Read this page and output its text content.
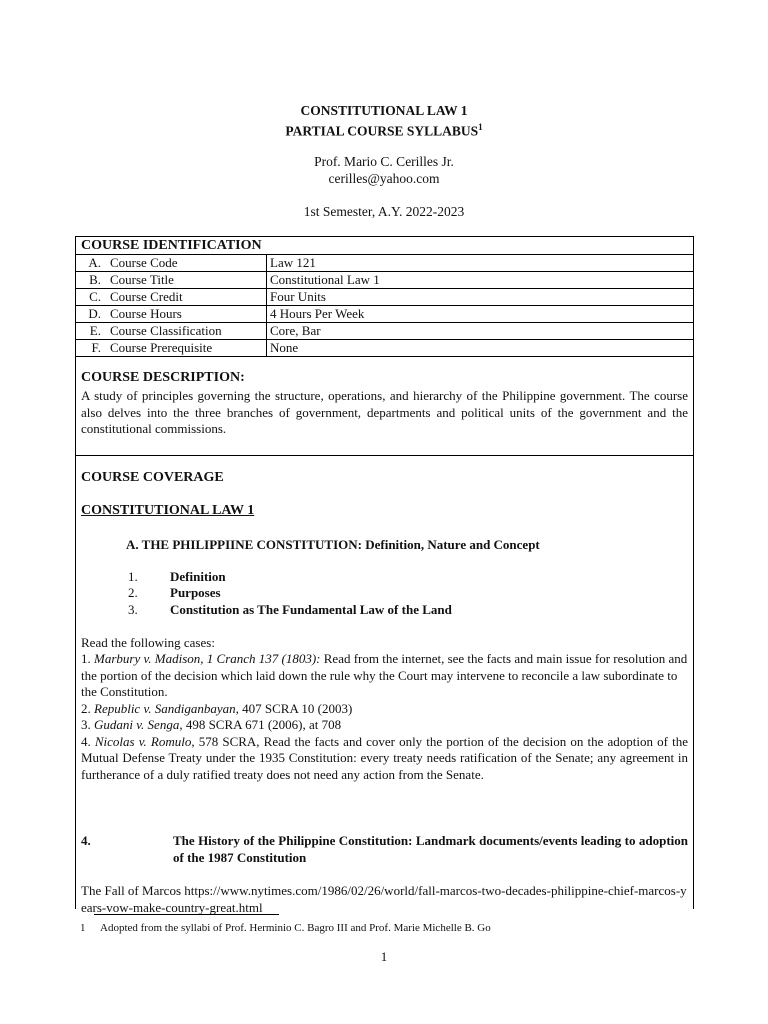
CONSTITUTIONAL LAW 1
PARTIAL COURSE SYLLABUS$^1$
Prof. Mario C. Cerilles Jr.
cerilles@yahoo.com
1st Semester, A.Y. 2022-2023
COURSE IDENTIFICATION
A. Course Code	Law 121
B. Course Title	Constitutional Law 1
C. Course Credit	Four Units
D. Course Hours	4 Hours Per Week
E. Course Classification	Core, Bar
F. Course Prerequisite	None
COURSE DESCRIPTION:
A study of principles governing the structure, operations, and hierarchy of the Philippine government. The course also delves into the three branches of government, departments and political units of the government and the constitutional commissions.
COURSE COVERAGE
CONSTITUTIONAL LAW 1
A. THE PHILIPPIINE CONSTITUTION: Definition, Nature and Concept
1. Definition
2. Purposes
3. Constitution as The Fundamental Law of the Land
Read the following cases:
1. Marbury v. Madison, 1 Cranch 137 (1803): Read from the internet, see the facts and main issue for resolution and the portion of the decision which laid down the rule why the Court may intervene to reconcile a law subordinate to the Constitution.
2. Republic v. Sandiganbayan, 407 SCRA 10 (2003)
3. Gudani v. Senga, 498 SCRA 671 (2006), at 708
4. Nicolas v. Romulo, 578 SCRA, Read the facts and cover only the portion of the decision on the adoption of the Mutual Defense Treaty under the 1935 Constitution: every treaty needs ratification of the Senate; any agreement in furtherance of a duly ratified treaty does not need any action from the Senate.
4.	The History of the Philippine Constitution: Landmark documents/events leading to adoption of the 1987 Constitution
The Fall of Marcos https://www.nytimes.com/1986/02/26/world/fall-marcos-two-decades-philippine-chief-marcos-years-vow-make-country-great.html
1 Adopted from the syllabi of Prof. Herminio C. Bagro III and Prof. Marie Michelle B. Go
1
